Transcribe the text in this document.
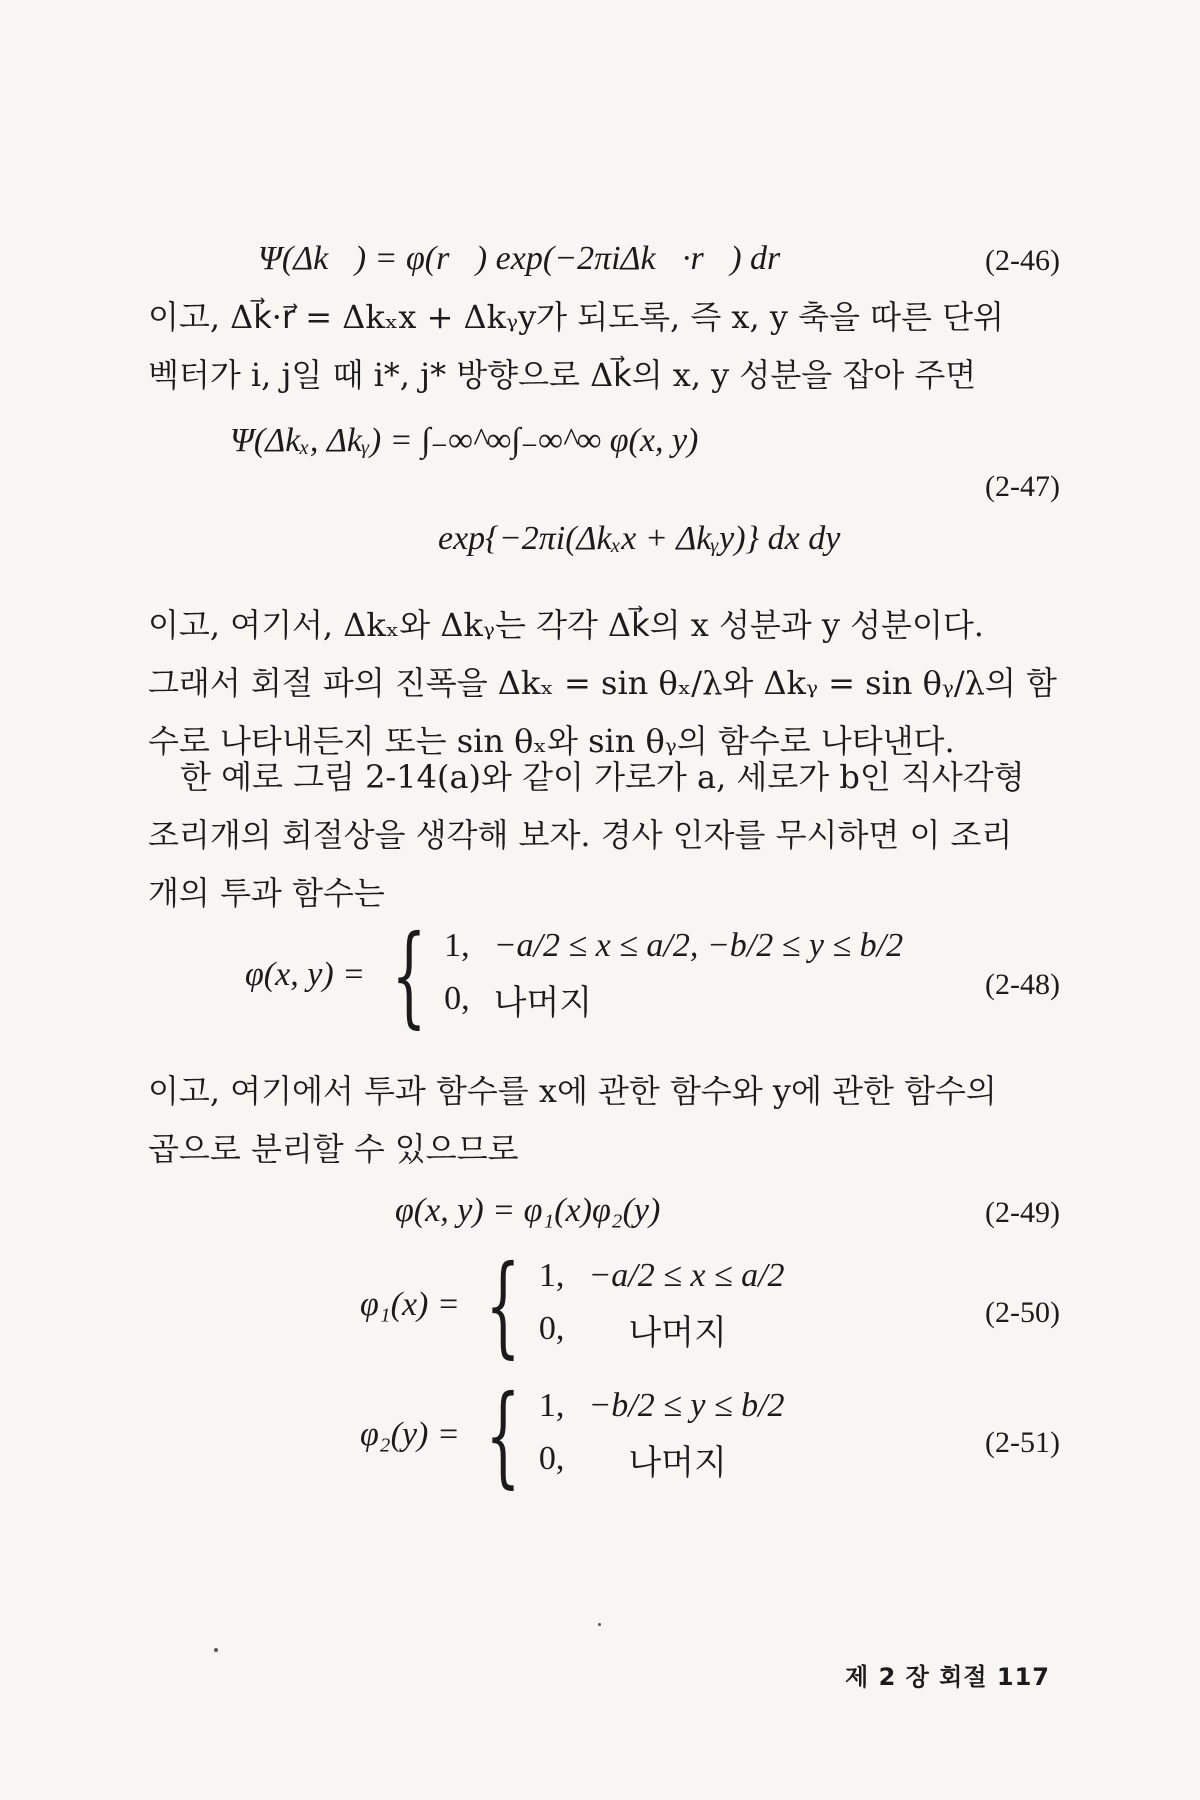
Ψ(Δk⃗) = φ(r⃗) exp(−2πiΔk⃗·r⃗) dr⃗	(2-46)
이고, Δk⃗·r⃗ = Δkₓx + Δkᵧy가 되도록, 즉 x, y 축을 따른 단위
벡터가 i, j일 때 i*, j* 방향으로 Δk⃗의 x, y 성분을 잡아 주면
Ψ(Δkₓ, Δkᵧ) = ∫₋∞^∞∫₋∞^∞ φ(x, y)
exp{−2πi(Δkₓx + Δkᵧy)} dx dy
(2-47)
이고, 여기서, Δkₓ와 Δkᵧ는 각각 Δk⃗의 x 성분과 y 성분이다.
그래서 회절 파의 진폭을 Δkₓ = sin θₓ/λ와 Δkᵧ = sin θᵧ/λ의 함
수로 나타내든지 또는 sin θₓ와 sin θᵧ의 함수로 나타낸다.
한 예로 그림 2-14(a)와 같이 가로가 a, 세로가 b인 직사각형
조리개의 회절상을 생각해 보자. 경사 인자를 무시하면 이 조리
개의 투과 함수는
φ(x, y) = { 1, −a/2 ≤ x ≤ a/2, −b/2 ≤ y ≤ b/2
0, 나머지	(2-48)
이고, 여기에서 투과 함수를 x에 관한 함수와 y에 관한 함수의
곱으로 분리할 수 있으므로
φ(x, y) = φ₁(x)φ₂(y)	(2-49)
φ₁(x) = { 1, −a/2 ≤ x ≤ a/2
0,	나머지	(2-50)
φ₂(y) = { 1, −b/2 ≤ y ≤ b/2
0,	나머지	(2-51)
제 2 장 회절 117
